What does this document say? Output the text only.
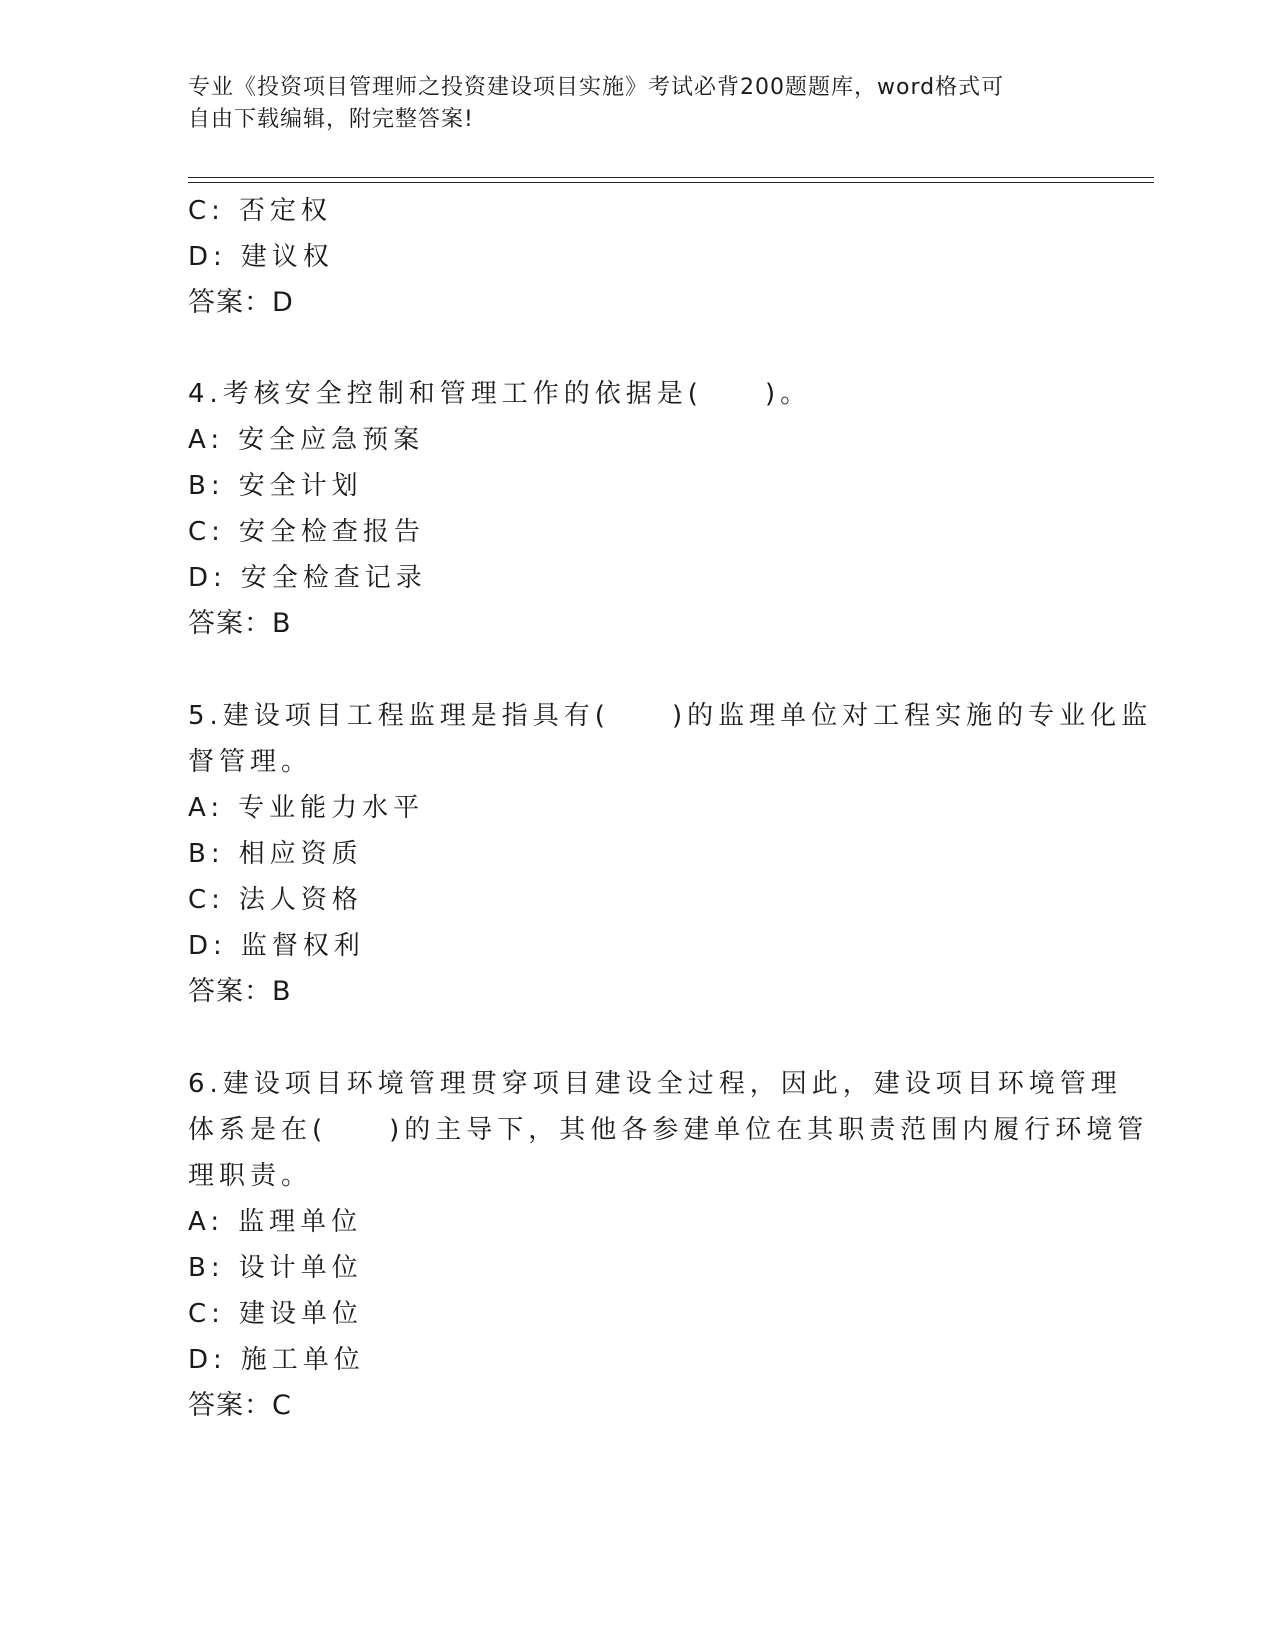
专业《投资项目管理师之投资建设项目实施》考试必背200题题库，word格式可
自由下载编辑，附完整答案!
C: 否定权
D: 建议权
答案：D
4.考核安全控制和管理工作的依据是(　　)。
A: 安全应急预案
B: 安全计划
C: 安全检查报告
D: 安全检查记录
答案：B
5.建设项目工程监理是指具有(　　)的监理单位对工程实施的专业化监
督管理。
A: 专业能力水平
B: 相应资质
C: 法人资格
D: 监督权利
答案：B
6.建设项目环境管理贯穿项目建设全过程，因此，建设项目环境管理
体系是在(　　)的主导下，其他各参建单位在其职责范围内履行环境管
理职责。
A: 监理单位
B: 设计单位
C: 建设单位
D: 施工单位
答案：C
